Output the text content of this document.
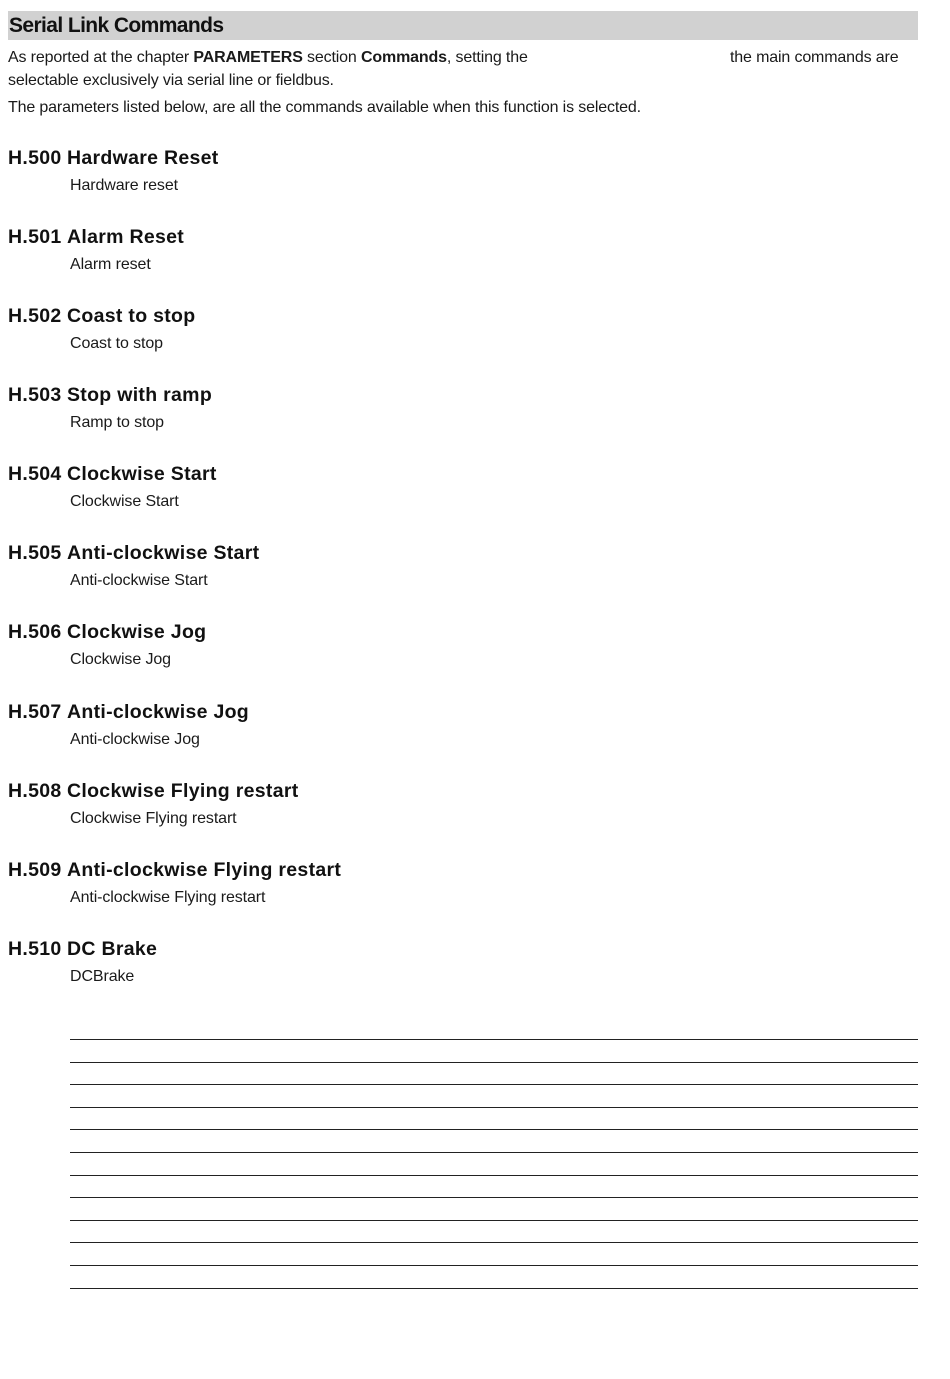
Serial Link Commands
As reported at the chapter PARAMETERS section Commands, setting the	the main commands are
selectable exclusively via serial line or fieldbus.
The parameters listed below, are all the commands available when this function is selected.
H.500 Hardware Reset
Hardware reset
H.501 Alarm Reset
Alarm reset
H.502 Coast to stop
Coast to stop
H.503 Stop with ramp
Ramp to stop
H.504 Clockwise Start
Clockwise Start
H.505 Anti-clockwise Start
Anti-clockwise Start
H.506 Clockwise Jog
Clockwise Jog
H.507 Anti-clockwise Jog
Anti-clockwise Jog
H.508 Clockwise Flying restart
Clockwise Flying restart
H.509 Anti-clockwise Flying restart
Anti-clockwise Flying restart
H.510 DC Brake
DCBrake
